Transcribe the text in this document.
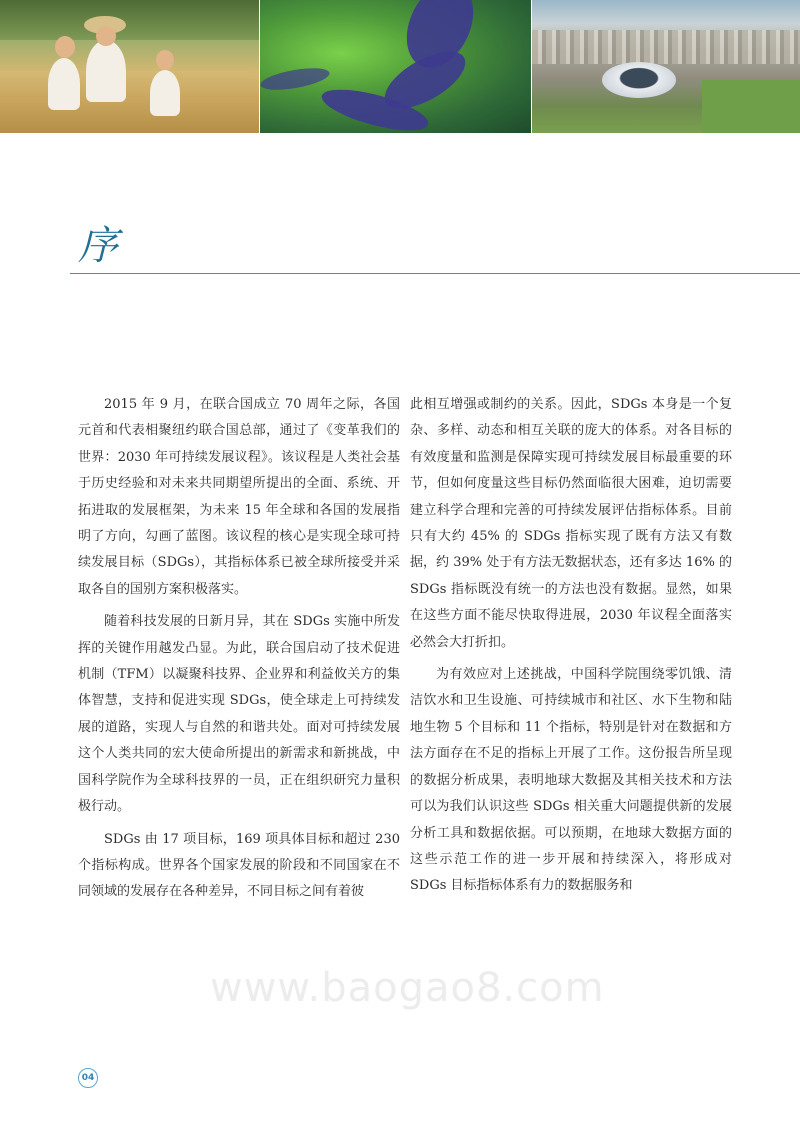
序

2015 年 9 月，在联合国成立 70 周年之际，各国元首和代表相聚纽约联合国总部，通过了《变革我们的世界：2030 年可持续发展议程》。该议程是人类社会基于历史经验和对未来共同期望所提出的全面、系统、开拓进取的发展框架，为未来 15 年全球和各国的发展指明了方向，勾画了蓝图。该议程的核心是实现全球可持续发展目标（SDGs），其指标体系已被全球所接受并采取各自的国别方案积极落实。

随着科技发展的日新月异，其在 SDGs 实施中所发挥的关键作用越发凸显。为此，联合国启动了技术促进机制（TFM）以凝聚科技界、企业界和利益攸关方的集体智慧，支持和促进实现 SDGs，使全球走上可持续发展的道路，实现人与自然的和谐共处。面对可持续发展这个人类共同的宏大使命所提出的新需求和新挑战，中国科学院作为全球科技界的一员，正在组织研究力量积极行动。

SDGs 由 17 项目标，169 项具体目标和超过 230 个指标构成。世界各个国家发展的阶段和不同国家在不同领域的发展存在各种差异，不同目标之间有着彼

此相互增强或制约的关系。因此，SDGs 本身是一个复杂、多样、动态和相互关联的庞大的体系。对各目标的有效度量和监测是保障实现可持续发展目标最重要的环节，但如何度量这些目标仍然面临很大困难，迫切需要建立科学合理和完善的可持续发展评估指标体系。目前只有大约 45% 的 SDGs 指标实现了既有方法又有数据，约 39% 处于有方法无数据状态，还有多达 16% 的 SDGs 指标既没有统一的方法也没有数据。显然，如果在这些方面不能尽快取得进展，2030 年议程全面落实必然会大打折扣。

为有效应对上述挑战，中国科学院围绕零饥饿、清洁饮水和卫生设施、可持续城市和社区、水下生物和陆地生物 5 个目标和 11 个指标，特别是针对在数据和方法方面存在不足的指标上开展了工作。这份报告所呈现的数据分析成果，表明地球大数据及其相关技术和方法可以为我们认识这些 SDGs 相关重大问题提供新的发展分析工具和数据依据。可以预期，在地球大数据方面的这些示范工作的进一步开展和持续深入，将形成对 SDGs 目标指标体系有力的数据服务和

www.baogao8.com
04
